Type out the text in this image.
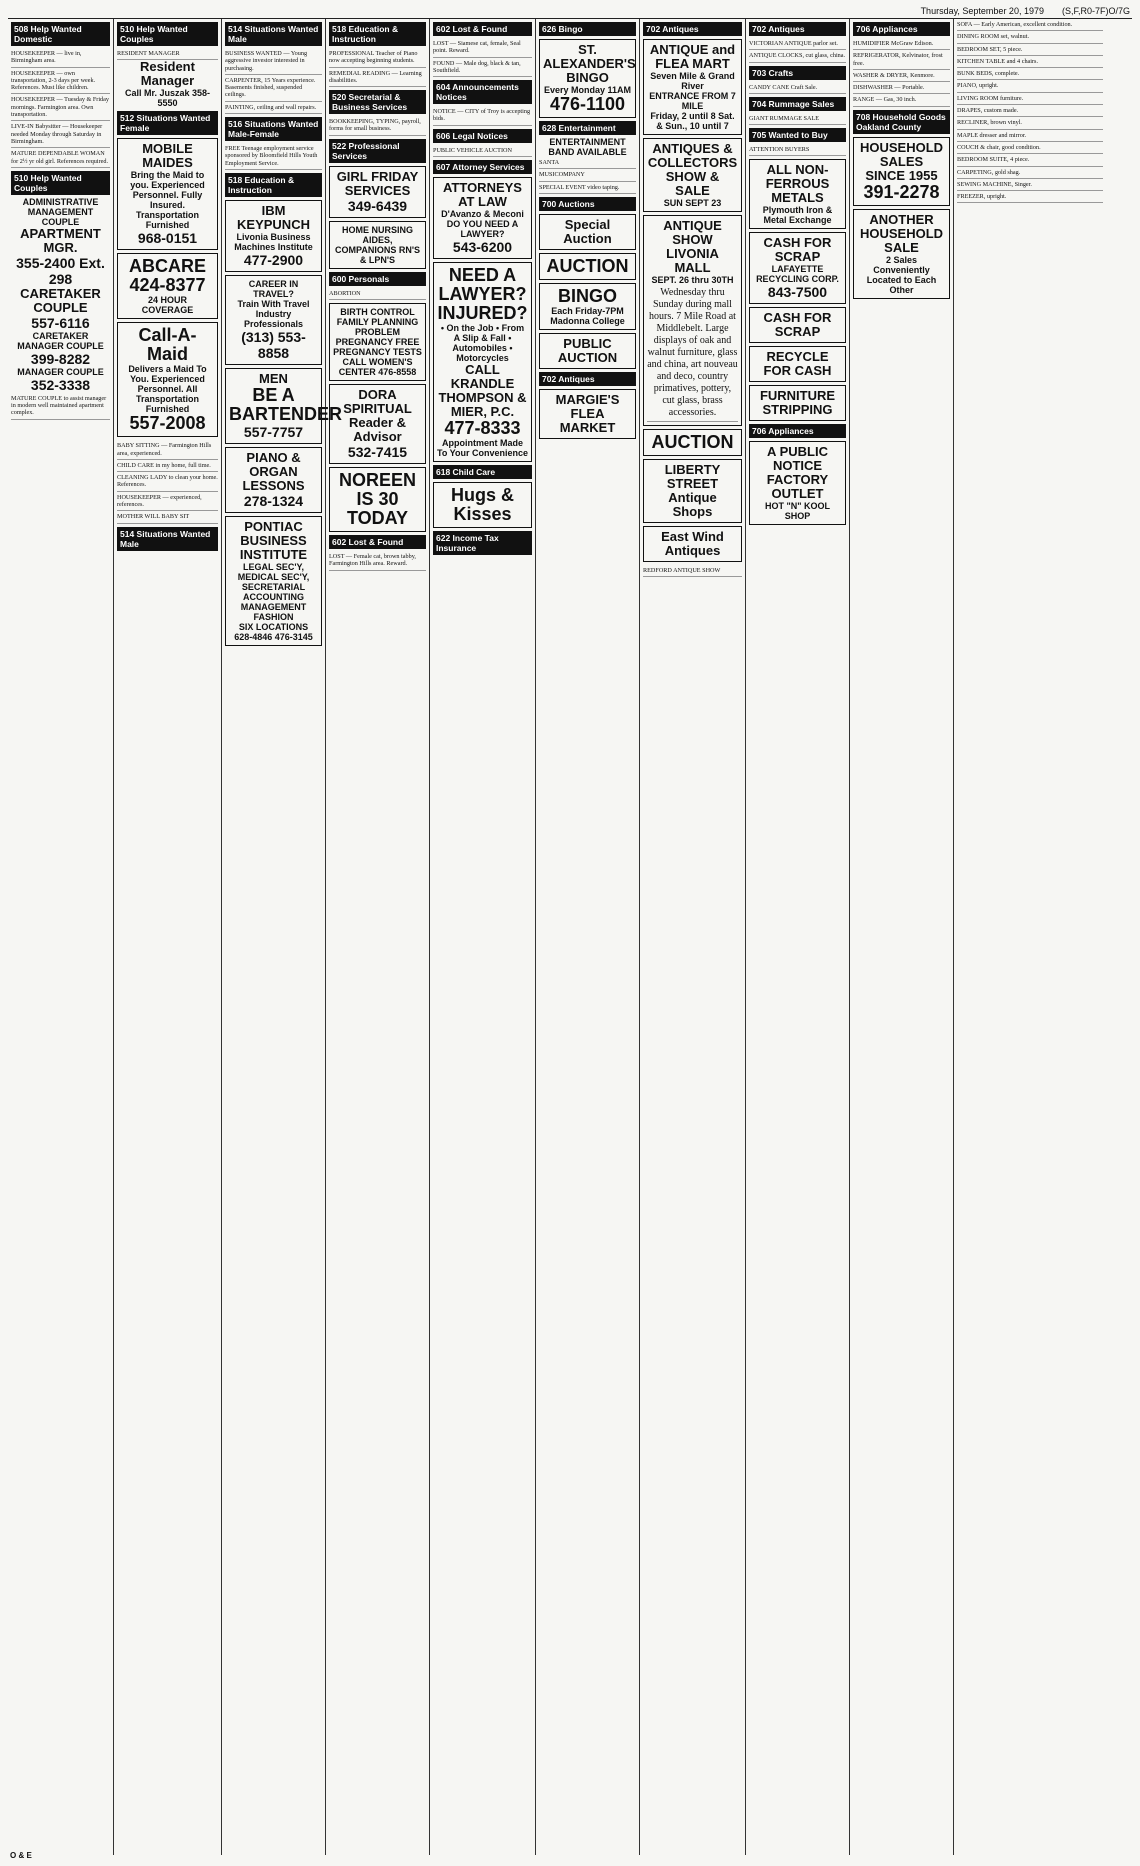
Thursday, September 20, 1979 (S,F,R0-7F)O/7G
508 Help Wanted Domestic
HOUSEKEEPER — live in, Birmingham area.
HOUSEKEEPER — own transportation, 2-3 days per week. References. Must like children.
HOUSEKEEPER — Tuesday & Friday mornings. Farmington area. Own transportation.
LIVE-IN Babysitter — Housekeeper needed Monday through Saturday in Birmingham.
MATURE DEPENDABLE WOMAN for 2½ yr old girl. References required.
510 Help Wanted Couples
ADMINISTRATIVE MANAGEMENT COUPLE
APARTMENT MGR.
355-2400 Ext. 298
CARETAKER COUPLE
557-6116
CARETAKER MANAGER COUPLE
399-8282
MANAGER COUPLE
352-3338
MATURE COUPLE to assist manager in modern well maintained apartment complex.
510 Help Wanted Couples
RESIDENT MANAGER
Resident Manager
Call Mr. Juszak 358-5550
512 Situations Wanted Female
MOBILE MAIDES
Bring the Maid to you. Experienced Personnel. Fully Insured. Transportation Furnished
968-0151
ABCARE
424-8377
24 HOUR COVERAGE
Call-A-Maid
Delivers a Maid To You. Experienced Personnel. All Transportation Furnished
557-2008
BABY SITTING — Farmington Hills area, experienced.
CHILD CARE in my home, full time.
CLEANING LADY to clean your home. References.
HOUSEKEEPER — experienced, references.
MOTHER WILL BABY SIT
514 Situations Wanted Male
514 Situations Wanted Male
BUSINESS WANTED — Young aggressive investor interested in purchasing.
CARPENTER, 15 Years experience. Basements finished, suspended ceilings.
PAINTING, ceiling and wall repairs.
516 Situations Wanted Male-Female
FREE Teenage employment service sponsored by Bloomfield Hills Youth Employment Service.
518 Education & Instruction
IBM KEYPUNCH
Livonia Business Machines Institute
477-2900
CAREER IN TRAVEL?
Train With Travel Industry Professionals
(313) 553-8858
MEN
BE A BARTENDER
557-7757
PIANO & ORGAN LESSONS
278-1324
PONTIAC BUSINESS INSTITUTE
LEGAL SEC'Y, MEDICAL SEC'Y, SECRETARIAL ACCOUNTING MANAGEMENT FASHION
SIX LOCATIONS
628-4846 476-3145
518 Education & Instruction
PROFESSIONAL Teacher of Piano now accepting beginning students.
REMEDIAL READING — Learning disabilities.
520 Secretarial & Business Services
BOOKKEEPING, TYPING, payroll, forms for small business.
522 Professional Services
GIRL FRIDAY SERVICES
349-6439
HOME NURSING AIDES, COMPANIONS RN'S & LPN'S
600 Personals
ABORTION
BIRTH CONTROL FAMILY PLANNING PROBLEM PREGNANCY FREE PREGNANCY TESTS
CALL WOMEN'S CENTER 476-8558
DORA SPIRITUAL Reader & Advisor
532-7415
NOREEN IS 30 TODAY
602 Lost & Found
LOST — Female cat, brown tabby, Farmington Hills area. Reward.
602 Lost & Found
LOST — Siamese cat, female, Seal point. Reward.
FOUND — Male dog, black & tan, Southfield.
604 Announcements Notices
NOTICE — CITY of Troy is accepting bids.
606 Legal Notices
PUBLIC VEHICLE AUCTION
607 Attorney Services
ATTORNEYS AT LAW
D'Avanzo & Meconi
DO YOU NEED A LAWYER?
543-6200
NEED A LAWYER? INJURED?
• On the Job • From A Slip & Fall • Automobiles • Motorcycles
CALL KRANDLE THOMPSON & MIER, P.C.
477-8333
Appointment Made To Your Convenience
618 Child Care
Hugs & Kisses
622 Income Tax Insurance
626 Bingo
ST. ALEXANDER'S BINGO
Every Monday 11AM
476-1100
628 Entertainment
ENTERTAINMENT
BAND AVAILABLE
SANTA
MUSICOMPANY
SPECIAL EVENT video taping.
700 Auctions
Special Auction
AUCTION
BINGO
Each Friday-7PM Madonna College
PUBLIC AUCTION
702 Antiques
MARGIE'S FLEA MARKET
702 Antiques
ANTIQUE and FLEA MART
Seven Mile & Grand River
ENTRANCE FROM 7 MILE
Friday, 2 until 8 Sat. & Sun., 10 until 7
ANTIQUES & COLLECTORS SHOW & SALE
SUN SEPT 23
ANTIQUE SHOW LIVONIA MALL
SEPT. 26 thru 30TH
Wednesday thru Sunday during mall hours. 7 Mile Road at Middlebelt. Large displays of oak and walnut furniture, glass and china, art nouveau and deco, country primatives, pottery, cut glass, brass accessories.
AUCTION
LIBERTY STREET Antique Shops
East Wind Antiques
REDFORD ANTIQUE SHOW
702 Antiques
VICTORIAN ANTIQUE parlor set.
ANTIQUE CLOCKS, cut glass, china.
703 Crafts
CANDY CANE Craft Sale.
704 Rummage Sales
GIANT RUMMAGE SALE
705 Wanted to Buy
ATTENTION BUYERS
ALL NON-FERROUS METALS
Plymouth Iron & Metal Exchange
CASH FOR SCRAP
LAFAYETTE RECYCLING CORP.
843-7500
CASH FOR SCRAP
RECYCLE FOR CASH
FURNITURE STRIPPING
706 Appliances
A PUBLIC NOTICE FACTORY OUTLET
HOT "N" KOOL SHOP
706 Appliances
HUMIDIFIER McGraw Edison.
REFRIGERATOR, Kelvinator, frost free.
WASHER & DRYER, Kenmore.
DISHWASHER — Portable.
RANGE — Gas, 30 inch.
708 Household Goods Oakland County
HOUSEHOLD SALES
SINCE 1955
391-2278
ANOTHER HOUSEHOLD SALE
2 Sales Conveniently Located to Each Other
SOFA — Early American, excellent condition.
DINING ROOM set, walnut.
BEDROOM SET, 5 piece.
KITCHEN TABLE and 4 chairs.
BUNK BEDS, complete.
PIANO, upright.
LIVING ROOM furniture.
DRAPES, custom made.
RECLINER, brown vinyl.
MAPLE dresser and mirror.
COUCH & chair, good condition.
BEDROOM SUITE, 4 piece.
CARPETING, gold shag.
SEWING MACHINE, Singer.
FREEZER, upright.
O & E
